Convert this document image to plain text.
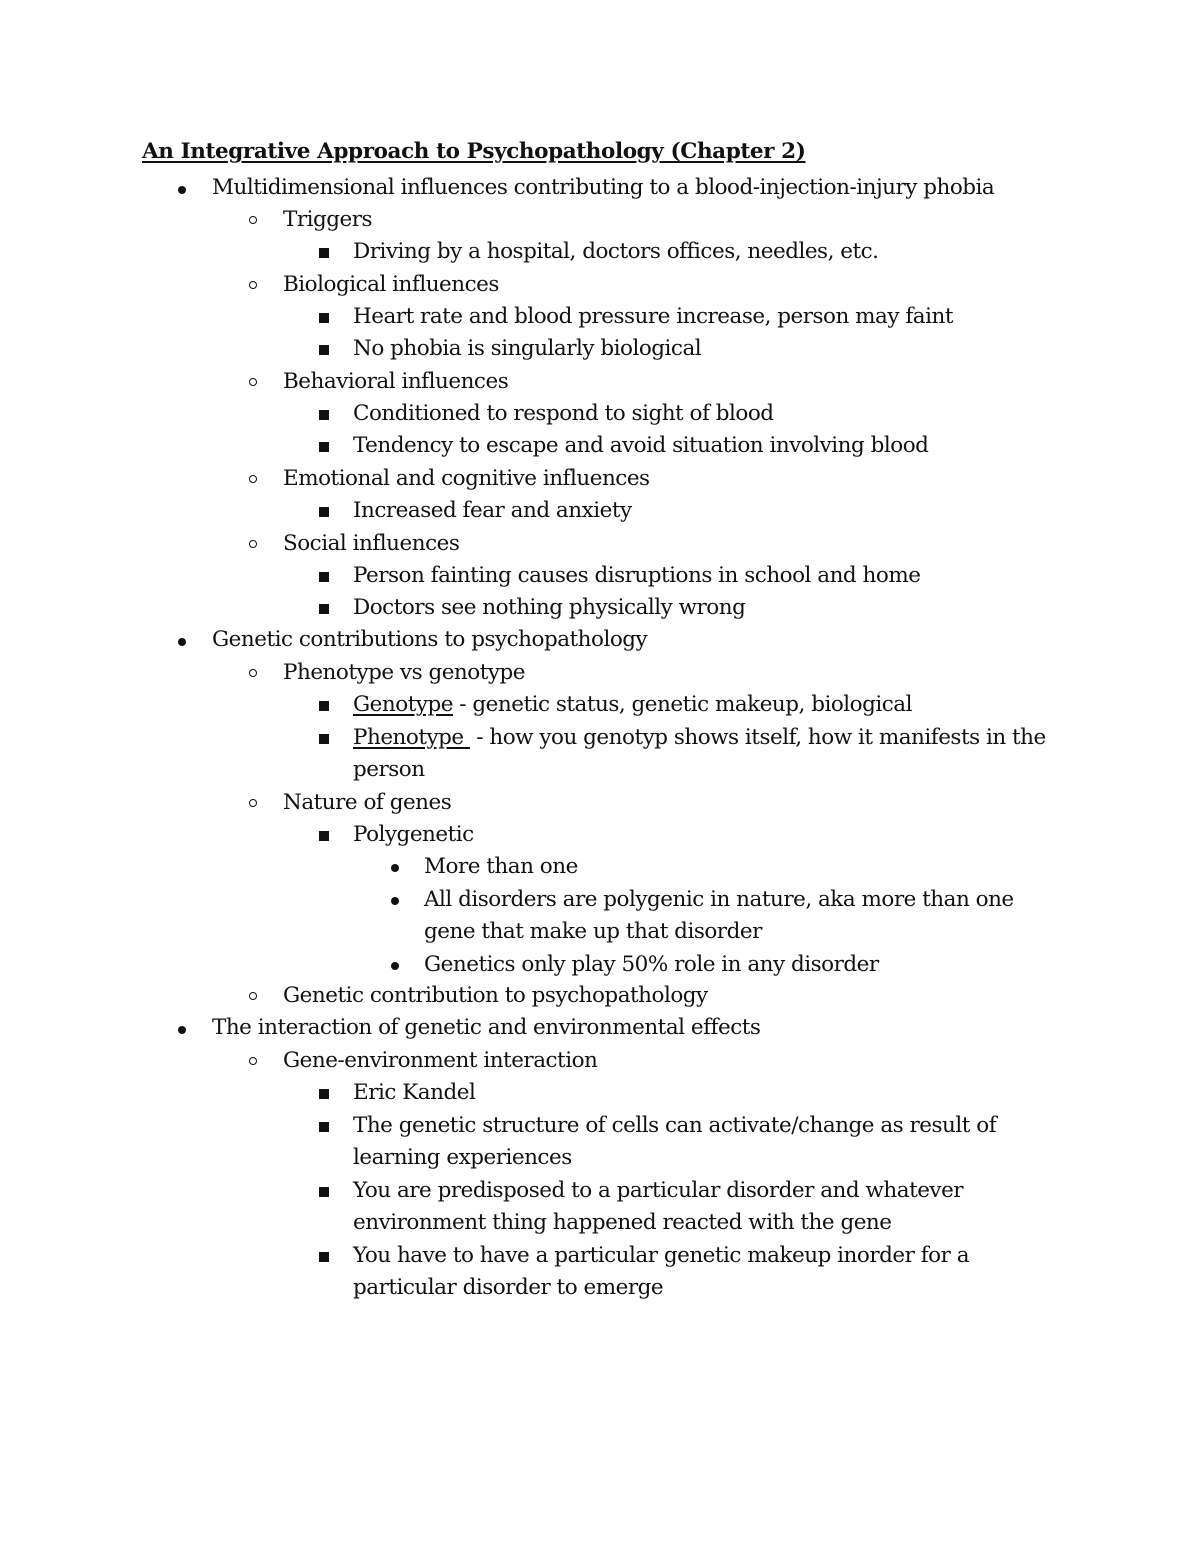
An Integrative Approach to Psychopathology (Chapter 2)
Multidimensional influences contributing to a blood-injection-injury phobia
Triggers
Driving by a hospital, doctors offices, needles, etc.
Biological influences
Heart rate and blood pressure increase, person may faint
No phobia is singularly biological
Behavioral influences
Conditioned to respond to sight of blood
Tendency to escape and avoid situation involving blood
Emotional and cognitive influences
Increased fear and anxiety
Social influences
Person fainting causes disruptions in school and home
Doctors see nothing physically wrong
Genetic contributions to psychopathology
Phenotype vs genotype
Genotype - genetic status, genetic makeup, biological
Phenotype  - how you genotyp shows itself, how it manifests in the
person
Nature of genes
Polygenetic
More than one
All disorders are polygenic in nature, aka more than one
gene that make up that disorder
Genetics only play 50% role in any disorder
Genetic contribution to psychopathology
The interaction of genetic and environmental effects
Gene-environment interaction
Eric Kandel
The genetic structure of cells can activate/change as result of
learning experiences
You are predisposed to a particular disorder and whatever
environment thing happened reacted with the gene
You have to have a particular genetic makeup inorder for a
particular disorder to emerge
